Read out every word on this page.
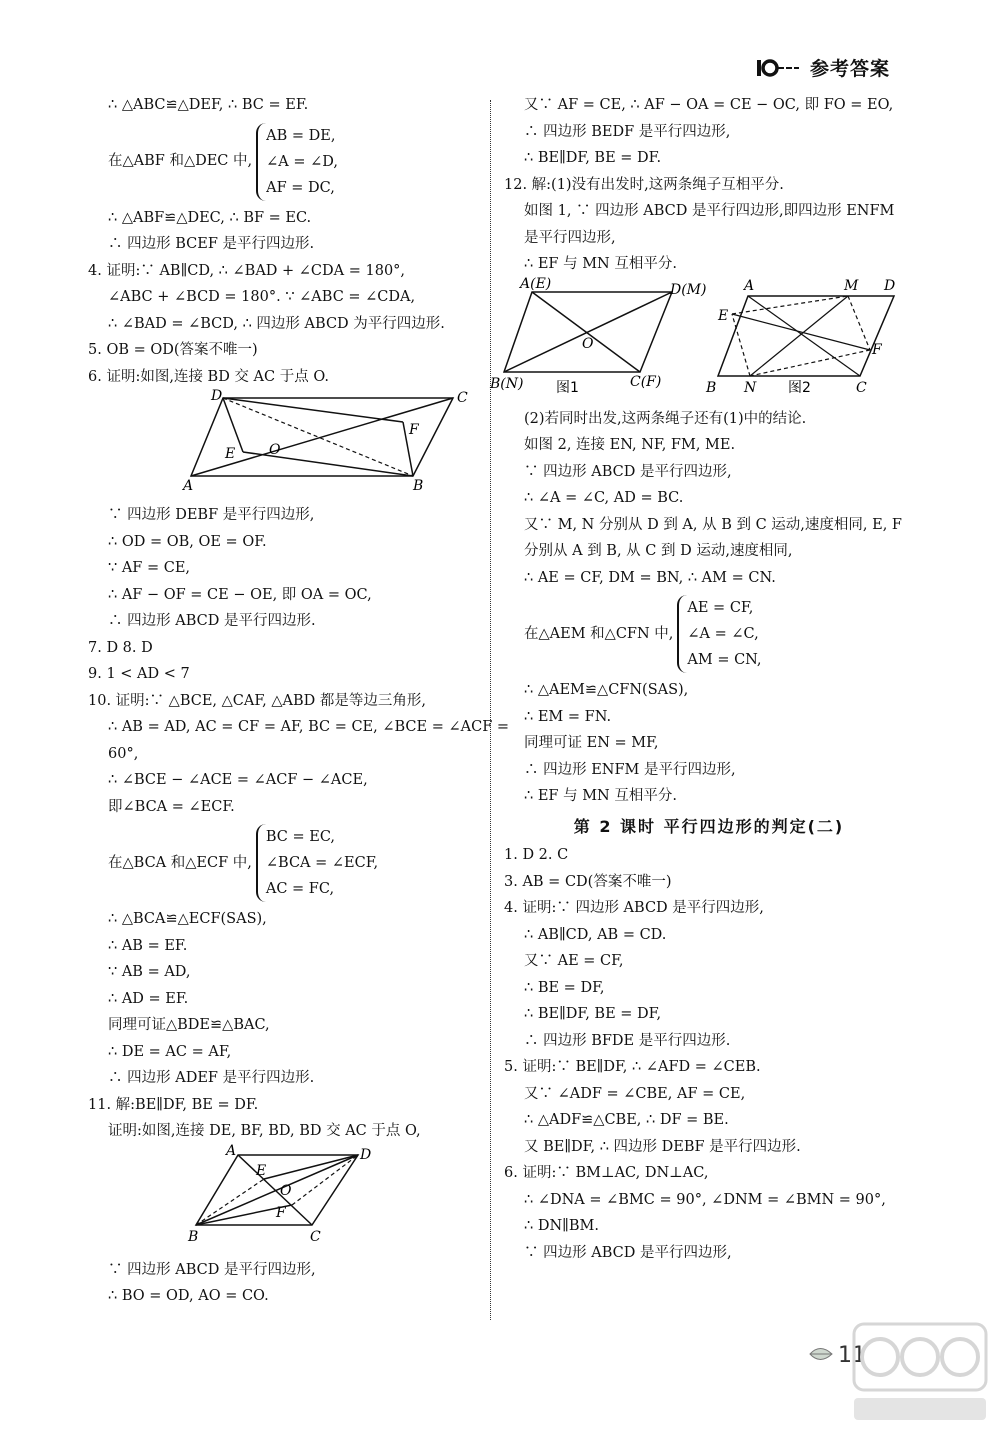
参考答案
∴ △ABC≌△DEF, ∴ BC = EF.
在△ABF 和△DEC 中,
AB = DE,
∠A = ∠D,
AF = DC,
∴ △ABF≌△DEC, ∴ BF = EC.
∴ 四边形 BCEF 是平行四边形.
4. 证明:∵ AB∥CD, ∴ ∠BAD + ∠CDA = 180°,
∠ABC + ∠BCD = 180°. ∵ ∠ABC = ∠CDA,
∴ ∠BAD = ∠BCD, ∴ 四边形 ABCD 为平行四边形.
5. OB = OD(答案不唯一)
6. 证明:如图,连接 BD 交 AC 于点 O.
D	C
E O
F
A	B
∵ 四边形 DEBF 是平行四边形,
∴ OD = OB, OE = OF.
∵ AF = CE,
∴ AF − OF = CE − OE, 即 OA = OC,
∴ 四边形 ABCD 是平行四边形.
7. D 8. D
9. 1 < AD < 7
10. 证明:∵ △BCE, △CAF, △ABD 都是等边三角形,
∴ AB = AD, AC = CF = AF, BC = CE, ∠BCE = ∠ACF =
60°,
∴ ∠BCE − ∠ACE = ∠ACF − ∠ACE,
即∠BCA = ∠ECF.
在△BCA 和△ECF 中,
BC = EC,
∠BCA = ∠ECF,
AC = FC,
∴ △BCA≌△ECF(SAS),
∴ AB = EF.
∵ AB = AD,
∴ AD = EF.
同理可证△BDE≌△BAC,
∴ DE = AC = AF,
∴ 四边形 ADEF 是平行四边形.
11. 解:BE∥DF, BE = DF.
证明:如图,连接 DE, BF, BD, BD 交 AC 于点 O,
A	D
E
O
F
B	C
∵ 四边形 ABCD 是平行四边形,
∴ BO = OD, AO = CO.
又∵ AF = CE, ∴ AF − OA = CE − OC, 即 FO = EO,
∴ 四边形 BEDF 是平行四边形,
∴ BE∥DF, BE = DF.
12. 解:(1)没有出发时,这两条绳子互相平分.
如图 1, ∵ 四边形 ABCD 是平行四边形,即四边形 ENFM
是平行四边形,
∴ EF 与 MN 互相平分.
A(E)	D(M)
O
B(N)	C(F)
图1
A	M D
E
F
B N	C
图2
(2)若同时出发,这两条绳子还有(1)中的结论.
如图 2, 连接 EN, NF, FM, ME.
∵ 四边形 ABCD 是平行四边形,
∴ ∠A = ∠C, AD = BC.
又∵ M, N 分别从 D 到 A, 从 B 到 C 运动,速度相同, E, F
分别从 A 到 B, 从 C 到 D 运动,速度相同,
∴ AE = CF, DM = BN, ∴ AM = CN.
在△AEM 和△CFN 中,
AE = CF,
∠A = ∠C,
AM = CN,
∴ △AEM≌△CFN(SAS),
∴ EM = FN.
同理可证 EN = MF,
∴ 四边形 ENFM 是平行四边形,
∴ EF 与 MN 互相平分.
第 2 课时 平行四边形的判定(二)
1. D 2. C
3. AB = CD(答案不唯一)
4. 证明:∵ 四边形 ABCD 是平行四边形,
∴ AB∥CD, AB = CD.
又∵ AE = CF,
∴ BE = DF,
∴ BE∥DF, BE = DF,
∴ 四边形 BFDE 是平行四边形.
5. 证明:∵ BE∥DF, ∴ ∠AFD = ∠CEB.
又∵ ∠ADF = ∠CBE, AF = CE,
∴ △ADF≌△CBE, ∴ DF = BE.
又 BE∥DF, ∴ 四边形 DEBF 是平行四边形.
6. 证明:∵ BM⊥AC, DN⊥AC,
∴ ∠DNA = ∠BMC = 90°, ∠DNM = ∠BMN = 90°,
∴ DN∥BM.
∵ 四边形 ABCD 是平行四边形,
11
